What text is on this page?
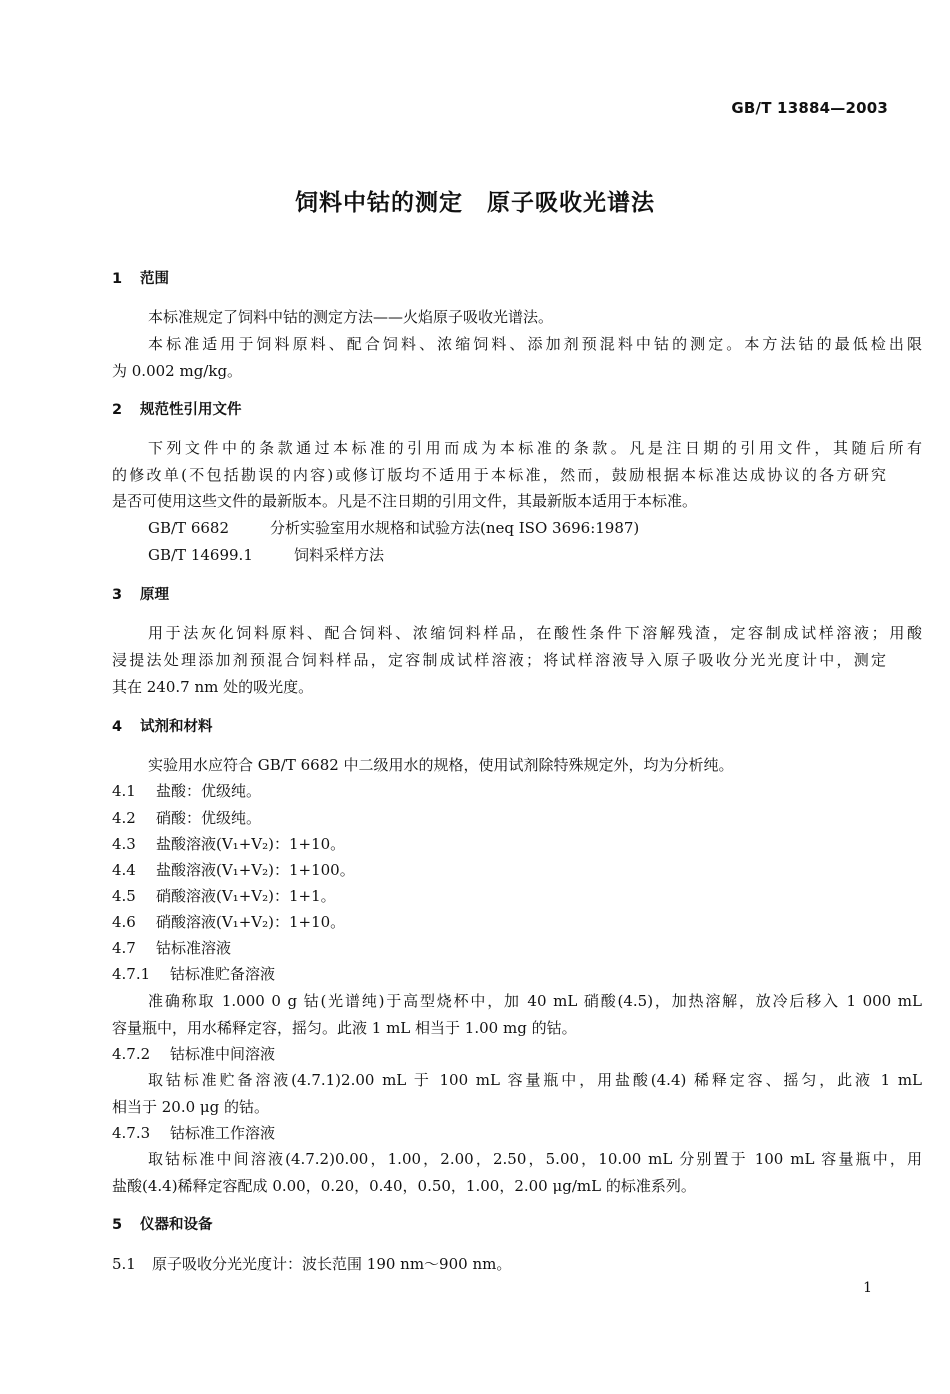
GB/T 13884—2003
饲料中钴的测定 原子吸收光谱法
1 范围
本标准规定了饲料中钴的测定方法——火焰原子吸收光谱法。
本标准适用于饲料原料、配合饲料、浓缩饲料、添加剂预混料中钴的测定。本方法钴的最低检出限
为 0.002 mg/kg。
2 规范性引用文件
下列文件中的条款通过本标准的引用而成为本标准的条款。凡是注日期的引用文件，其随后所有
的修改单(不包括勘误的内容)或修订版均不适用于本标准，然而，鼓励根据本标准达成协议的各方研究
是否可使用这些文件的最新版本。凡是不注日期的引用文件，其最新版本适用于本标准。
GB/T 6682	分析实验室用水规格和试验方法(neq ISO 3696:1987)
GB/T 14699.1	饲料采样方法
3 原理
用于法灰化饲料原料、配合饲料、浓缩饲料样品，在酸性条件下溶解残渣，定容制成试样溶液；用酸
浸提法处理添加剂预混合饲料样品，定容制成试样溶液；将试样溶液导入原子吸收分光光度计中，测定
其在 240.7 nm 处的吸光度。
4 试剂和材料
实验用水应符合 GB/T 6682 中二级用水的规格，使用试剂除特殊规定外，均为分析纯。
4.1 盐酸：优级纯。
4.2 硝酸：优级纯。
4.3 盐酸溶液(V₁+V₂)：1+10。
4.4 盐酸溶液(V₁+V₂)：1+100。
4.5 硝酸溶液(V₁+V₂)：1+1。
4.6 硝酸溶液(V₁+V₂)：1+10。
4.7 钴标准溶液
4.7.1 钴标准贮备溶液
准确称取 1.000 0 g 钴(光谱纯)于高型烧杯中，加 40 mL 硝酸(4.5)，加热溶解，放冷后移入 1 000 mL
容量瓶中，用水稀释定容，摇匀。此液 1 mL 相当于 1.00 mg 的钴。
4.7.2 钴标准中间溶液
取钴标准贮备溶液(4.7.1)2.00 mL 于 100 mL 容量瓶中，用盐酸(4.4) 稀释定容、摇匀，此液 1 mL
相当于 20.0 μg 的钴。
4.7.3 钴标准工作溶液
取钴标准中间溶液(4.7.2)0.00，1.00，2.00，2.50，5.00，10.00 mL 分别置于 100 mL 容量瓶中，用
盐酸(4.4)稀释定容配成 0.00，0.20，0.40，0.50，1.00，2.00 μg/mL 的标准系列。
5 仪器和设备
5.1 原子吸收分光光度计：波长范围 190 nm～900 nm。
1
